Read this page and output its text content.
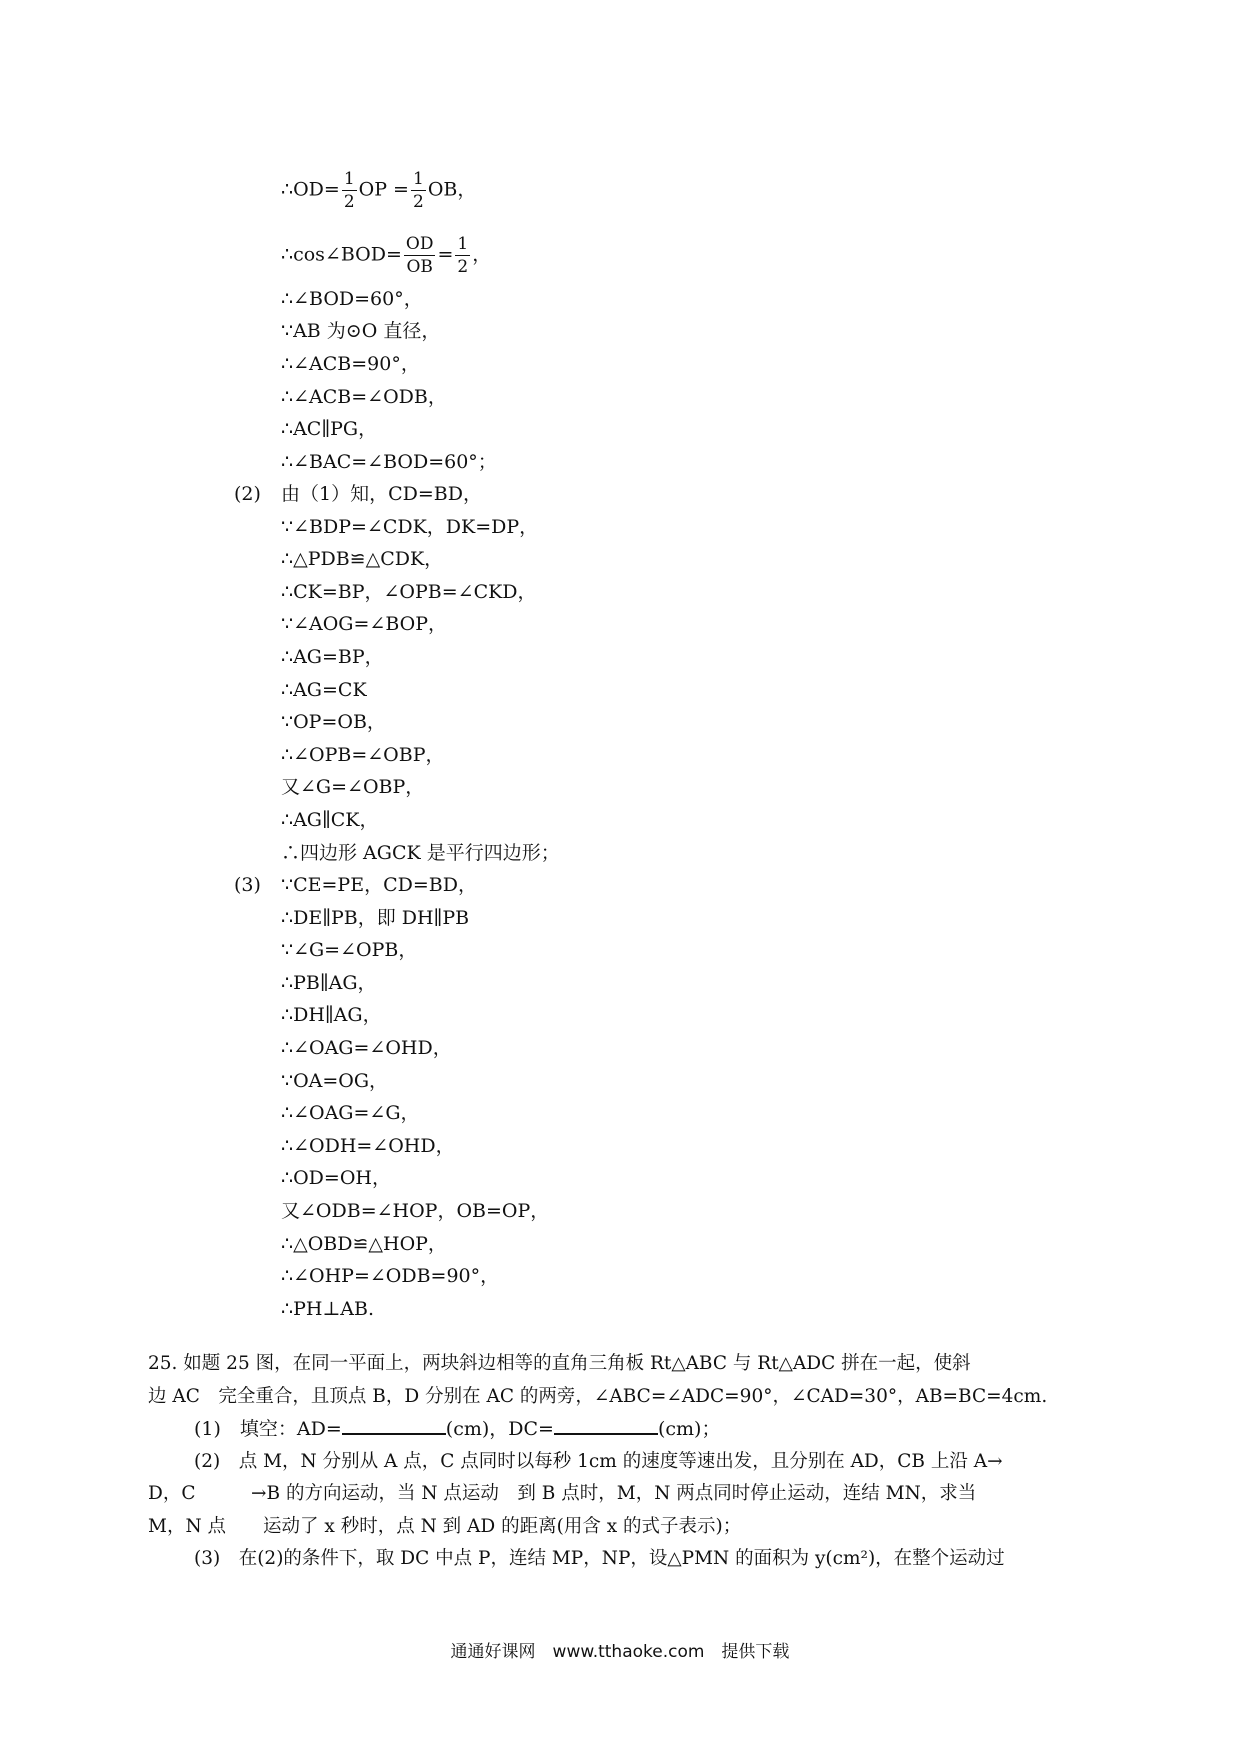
∴OD= $\frac{1}{2}$ OP = $\frac{1}{2}$ OB，
∴cos∠BOD= $\frac{OD}{OB} = \frac{1}{2}$ ，
∴∠BOD=60°，
∵AB 为⊙O 直径，
∴∠ACB=90°，
∴∠ACB=∠ODB，
∴AC∥PG，
∴∠BAC=∠BOD=60°；
(2) 由（1）知，CD=BD，
∵∠BDP=∠CDK，DK=DP，
∴△PDB≌△CDK，
∴CK=BP，∠OPB=∠CKD，
∵∠AOG=∠BOP，
∴AG=BP，
∴AG=CK
∵OP=OB，
∴∠OPB=∠OBP，
又∠G=∠OBP，
∴AG∥CK，
∴四边形 AGCK 是平行四边形；
(3) ∵CE=PE，CD=BD，
∴DE∥PB，即 DH∥PB
∵∠G=∠OPB，
∴PB∥AG，
∴DH∥AG，
∴∠OAG=∠OHD，
∵OA=OG，
∴∠OAG=∠G，
∴∠ODH=∠OHD，
∴OD=OH，
又∠ODB=∠HOP，OB=OP，
∴△OBD≌△HOP，
∴∠OHP=∠ODB=90°，
∴PH⊥AB.
25. 如题 25 图，在同一平面上，两块斜边相等的直角三角板 Rt△ABC 与 Rt△ADC 拼在一起，使斜
边 AC　完全重合，且顶点 B，D 分别在 AC 的两旁，∠ABC=∠ADC=90°，∠CAD=30°，AB=BC=4cm.
(1)　填空：AD=	(cm)，DC=	(cm)；
(2)　点 M，N 分别从 A 点，C 点同时以每秒 1cm 的速度等速出发，且分别在 AD，CB 上沿 A→
D，C　　　→B 的方向运动，当 N 点运动　到 B 点时，M，N 两点同时停止运动，连结 MN，求当
M，N 点　　运动了 x 秒时，点 N 到 AD 的距离(用含 x 的式子表示)；
(3)　在(2)的条件下，取 DC 中点 P，连结 MP，NP，设△PMN 的面积为 y(cm²)，在整个运动过
通通好课网　www.tthaoke.com　提供下载
